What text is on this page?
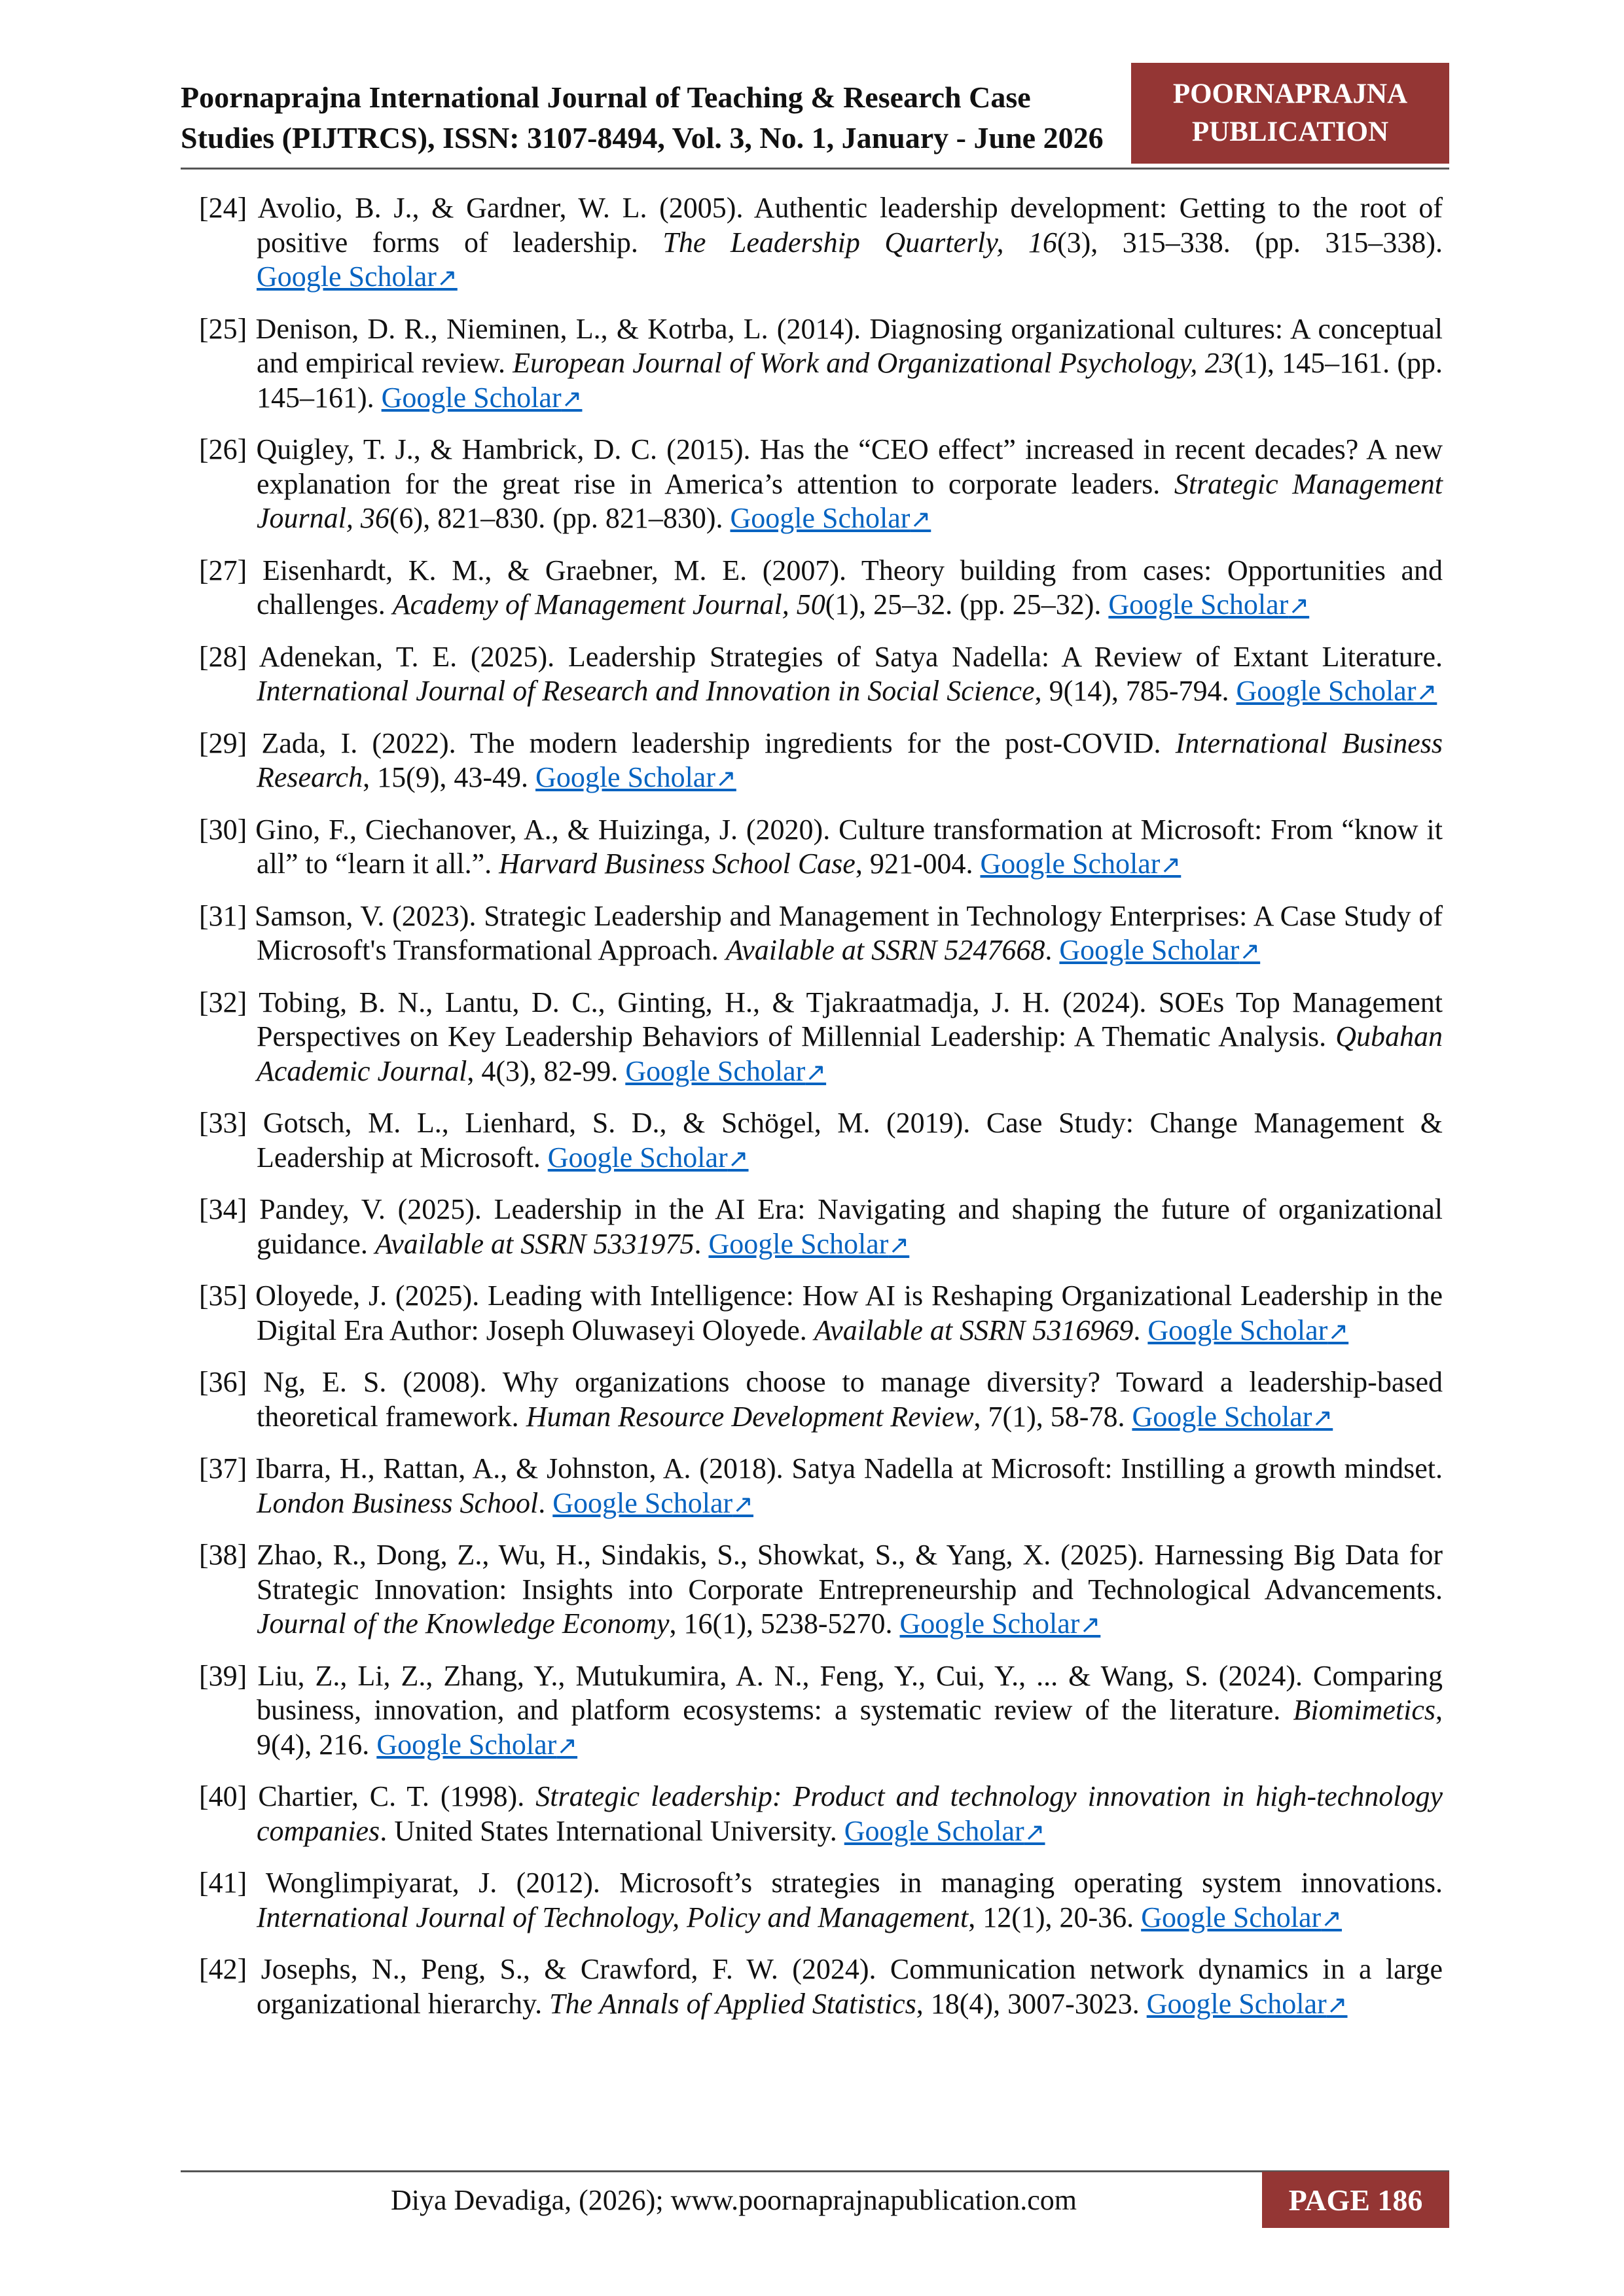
Poornaprajna International Journal of Teaching & Research Case
Studies (PIJTRCS), ISSN: 3107-8494, Vol. 3, No. 1, January - June 2026
POORNAPRAJNA
PUBLICATION

[24] Avolio, B. J., & Gardner, W. L. (2005). Authentic leadership development: Getting to the root of positive forms of leadership. The Leadership Quarterly, 16(3), 315–338. (pp. 315–338). Google Scholar↗

[25] Denison, D. R., Nieminen, L., & Kotrba, L. (2014). Diagnosing organizational cultures: A conceptual and empirical review. European Journal of Work and Organizational Psychology, 23(1), 145–161. (pp. 145–161). Google Scholar↗

[26] Quigley, T. J., & Hambrick, D. C. (2015). Has the “CEO effect” increased in recent decades? A new explanation for the great rise in America’s attention to corporate leaders. Strategic Management Journal, 36(6), 821–830. (pp. 821–830). Google Scholar↗

[27] Eisenhardt, K. M., & Graebner, M. E. (2007). Theory building from cases: Opportunities and challenges. Academy of Management Journal, 50(1), 25–32. (pp. 25–32). Google Scholar↗

[28] Adenekan, T. E. (2025). Leadership Strategies of Satya Nadella: A Review of Extant Literature. International Journal of Research and Innovation in Social Science, 9(14), 785-794. Google Scholar↗

[29] Zada, I. (2022). The modern leadership ingredients for the post-COVID. International Business Research, 15(9), 43-49. Google Scholar↗

[30] Gino, F., Ciechanover, A., & Huizinga, J. (2020). Culture transformation at Microsoft: From “know it all” to “learn it all.”. Harvard Business School Case, 921-004. Google Scholar↗

[31] Samson, V. (2023). Strategic Leadership and Management in Technology Enterprises: A Case Study of Microsoft's Transformational Approach. Available at SSRN 5247668. Google Scholar↗

[32] Tobing, B. N., Lantu, D. C., Ginting, H., & Tjakraatmadja, J. H. (2024). SOEs Top Management Perspectives on Key Leadership Behaviors of Millennial Leadership: A Thematic Analysis. Qubahan Academic Journal, 4(3), 82-99. Google Scholar↗

[33] Gotsch, M. L., Lienhard, S. D., & Schögel, M. (2019). Case Study: Change Management & Leadership at Microsoft. Google Scholar↗

[34] Pandey, V. (2025). Leadership in the AI Era: Navigating and shaping the future of organizational guidance. Available at SSRN 5331975. Google Scholar↗

[35] Oloyede, J. (2025). Leading with Intelligence: How AI is Reshaping Organizational Leadership in the Digital Era Author: Joseph Oluwaseyi Oloyede. Available at SSRN 5316969. Google Scholar↗

[36] Ng, E. S. (2008). Why organizations choose to manage diversity? Toward a leadership-based theoretical framework. Human Resource Development Review, 7(1), 58-78. Google Scholar↗

[37] Ibarra, H., Rattan, A., & Johnston, A. (2018). Satya Nadella at Microsoft: Instilling a growth mindset. London Business School. Google Scholar↗

[38] Zhao, R., Dong, Z., Wu, H., Sindakis, S., Showkat, S., & Yang, X. (2025). Harnessing Big Data for Strategic Innovation: Insights into Corporate Entrepreneurship and Technological Advancements. Journal of the Knowledge Economy, 16(1), 5238-5270. Google Scholar↗

[39] Liu, Z., Li, Z., Zhang, Y., Mutukumira, A. N., Feng, Y., Cui, Y., ... & Wang, S. (2024). Comparing business, innovation, and platform ecosystems: a systematic review of the literature. Biomimetics, 9(4), 216. Google Scholar↗

[40] Chartier, C. T. (1998). Strategic leadership: Product and technology innovation in high-technology companies. United States International University. Google Scholar↗

[41] Wonglimpiyarat, J. (2012). Microsoft’s strategies in managing operating system innovations. International Journal of Technology, Policy and Management, 12(1), 20-36. Google Scholar↗

[42] Josephs, N., Peng, S., & Crawford, F. W. (2024). Communication network dynamics in a large organizational hierarchy. The Annals of Applied Statistics, 18(4), 3007-3023. Google Scholar↗

Diya Devadiga, (2026); www.poornaprajnapublication.com	PAGE 186
